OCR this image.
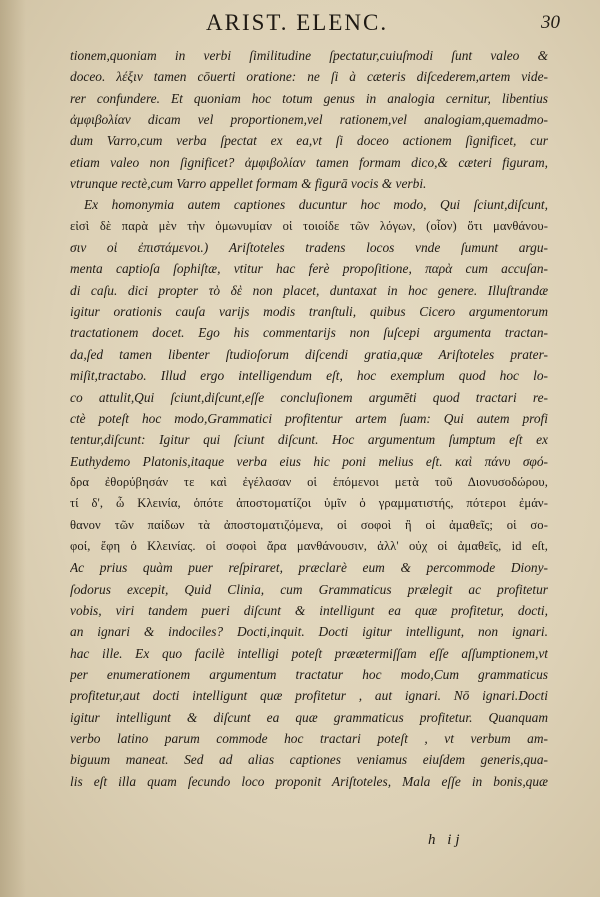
ARIST. ELENC.	30
tionem,quoniam in verbi ſimilitudine ſpectatur,cuiuſmodi ſunt valeo &
doceo. λέξιν tamen cōuerti oratione: ne ſi à cæteris diſcederem,artem vide-
rer confundere. Et quoniam hoc totum genus in analogia cernitur, libentius
ἀμφιβολίαν dicam vel proportionem,vel rationem,vel analogiam,quemadmo-
dum Varro,cum verba ſpectat ex ea,vt ſi doceo actionem ſignificet, cur
etiam valeo non ſignificet? ἀμφιβολίαν tamen formam dico,& cæteri figuram,
vtrunque rectè,cum Varro appellet formam & figurā vocis & verbi.
Ex homonymia autem captiones ducuntur hoc modo, Qui ſciunt,diſcunt,
εἰσὶ δὲ παρὰ μὲν τὴν ὁμωνυμίαν οἱ τοιοίδε τῶν λόγων, (οἷον) ὅτι μανθάνου-
σιν οἱ ἐπιστάμενοι.) Ariſtoteles tradens locos vnde ſumunt argu-
menta captioſa ſophiſtæ, vtitur hac ferè propoſitione, παρὰ cum accuſan-
di caſu. dici propter τὸ δὲ non placet, duntaxat in hoc genere. Illuſtrandæ
igitur orationis cauſa varijs modis tranſtuli, quibus Cicero argumentorum
tractationem docet. Ego his commentarijs non ſuſcepi argumenta tractan-
da,ſed tamen libenter ſtudioſorum diſcendi gratia,quæ Ariſtoteles prater-
miſit,tractabo. Illud ergo intelligendum eſt, hoc exemplum quod hoc lo-
co attulit,Qui ſciunt,diſcunt,eſſe concluſionem argumēti quod tractari re-
ctè poteſt hoc modo,Grammatici profitentur artem ſuam: Qui autem profi
tentur,diſcunt: Igitur qui ſciunt diſcunt. Hoc argumentum ſumptum eſt ex
Euthydemo Platonis,itaque verba eius hic poni melius eſt. καὶ πάνυ σφό-
δρα ἐθορύβησάν τε καὶ ἐγέλασαν οἱ ἑπόμενοι μετὰ τοῦ Διονυσοδώρου,
τί δ', ὦ Κλεινία, ὁπότε ἀποστοματίζοι ὑμῖν ὁ γραμματιστής, πότεροι ἐμάν-
θανον τῶν παίδων τὰ ἀποστοματιζόμενα, οἱ σοφοὶ ἢ οἱ ἀμαθεῖς; οἱ σο-
φοί, ἔφη ὁ Κλεινίας. οἱ σοφοὶ ἄρα μανθάνουσιν, ἀλλ' οὐχ οἱ ἀμαθεῖς, id eſt,
Ac prius quàm puer reſpiraret, præclarè eum & percommode Diony-
ſodorus excepit, Quid Clinia, cum Grammaticus prælegit ac profitetur
vobis, viri tandem pueri diſcunt & intelligunt ea quæ profitetur, docti,
an ignari & indociles? Docti,inquit. Docti igitur intelligunt, non ignari.
hac ille. Ex quo facilè intelligi poteſt præætermiſſam eſſe aſſumptionem,vt
per enumerationem argumentum tractatur hoc modo,Cum grammaticus
profitetur,aut docti intelligunt quæ profitetur , aut ignari. Nō ignari.Docti
igitur intelligunt & diſcunt ea quæ grammaticus profitetur. Quanquam
verbo latino parum commode hoc tractari poteſt , vt verbum am-
biguum maneat. Sed ad alias captiones veniamus eiuſdem generis,qua-
lis eſt illa quam ſecundo loco proponit Ariſtoteles, Mala eſſe in bonis,quæ
h ij
